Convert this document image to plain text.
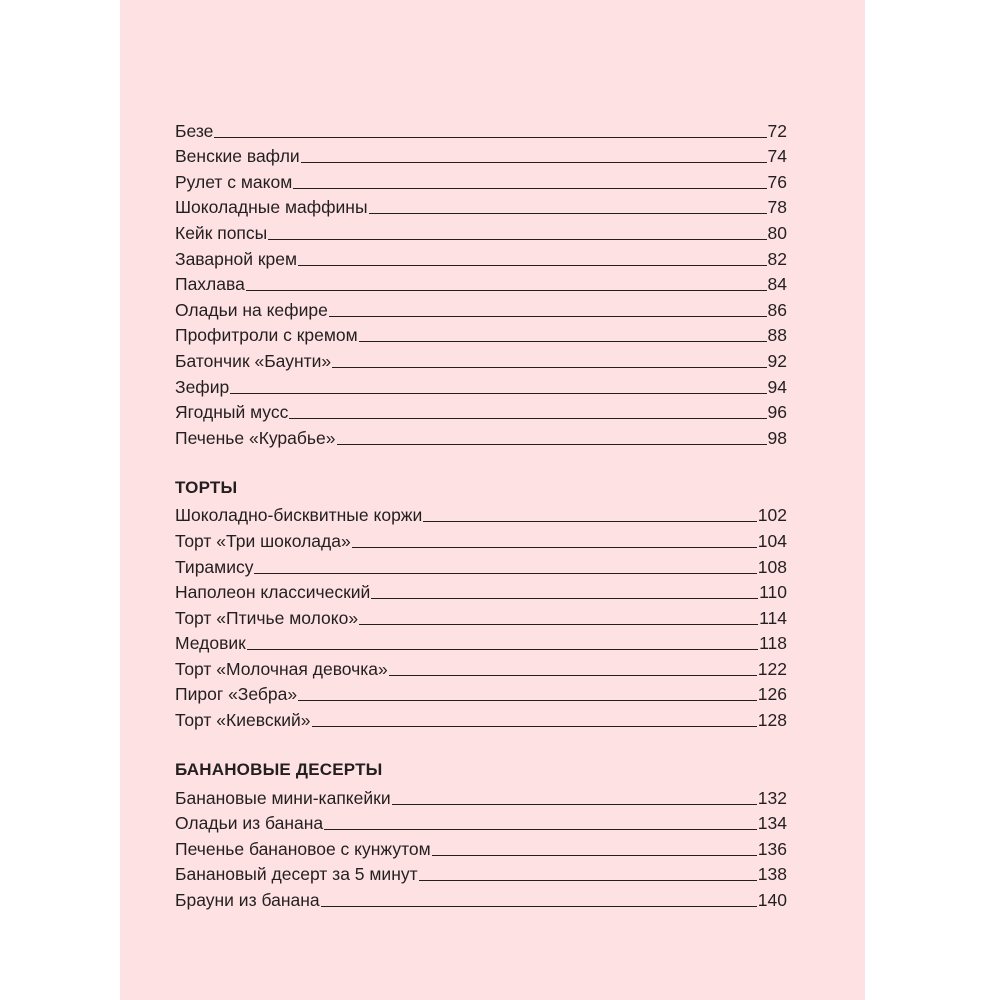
Безе	72
Венские вафли	74
Рулет с маком	76
Шоколадные маффины	78
Кейк попсы	80
Заварной крем	82
Пахлава	84
Оладьи на кефире	86
Профитроли с кремом	88
Батончик «Баунти»	92
Зефир	94
Ягодный мусс	96
Печенье «Курабье»	98
ТОРТЫ
Шоколадно-бисквитные коржи	102
Торт «Три шоколада»	104
Тирамису	108
Наполеон классический	110
Торт «Птичье молоко»	114
Медовик	118
Торт «Молочная девочка»	122
Пирог «Зебра»	126
Торт «Киевский»	128
БАНАНОВЫЕ ДЕСЕРТЫ
Банановые мини-капкейки	132
Оладьи из банана	134
Печенье банановое с кунжутом	136
Банановый десерт за 5 минут	138
Брауни из банана	140
